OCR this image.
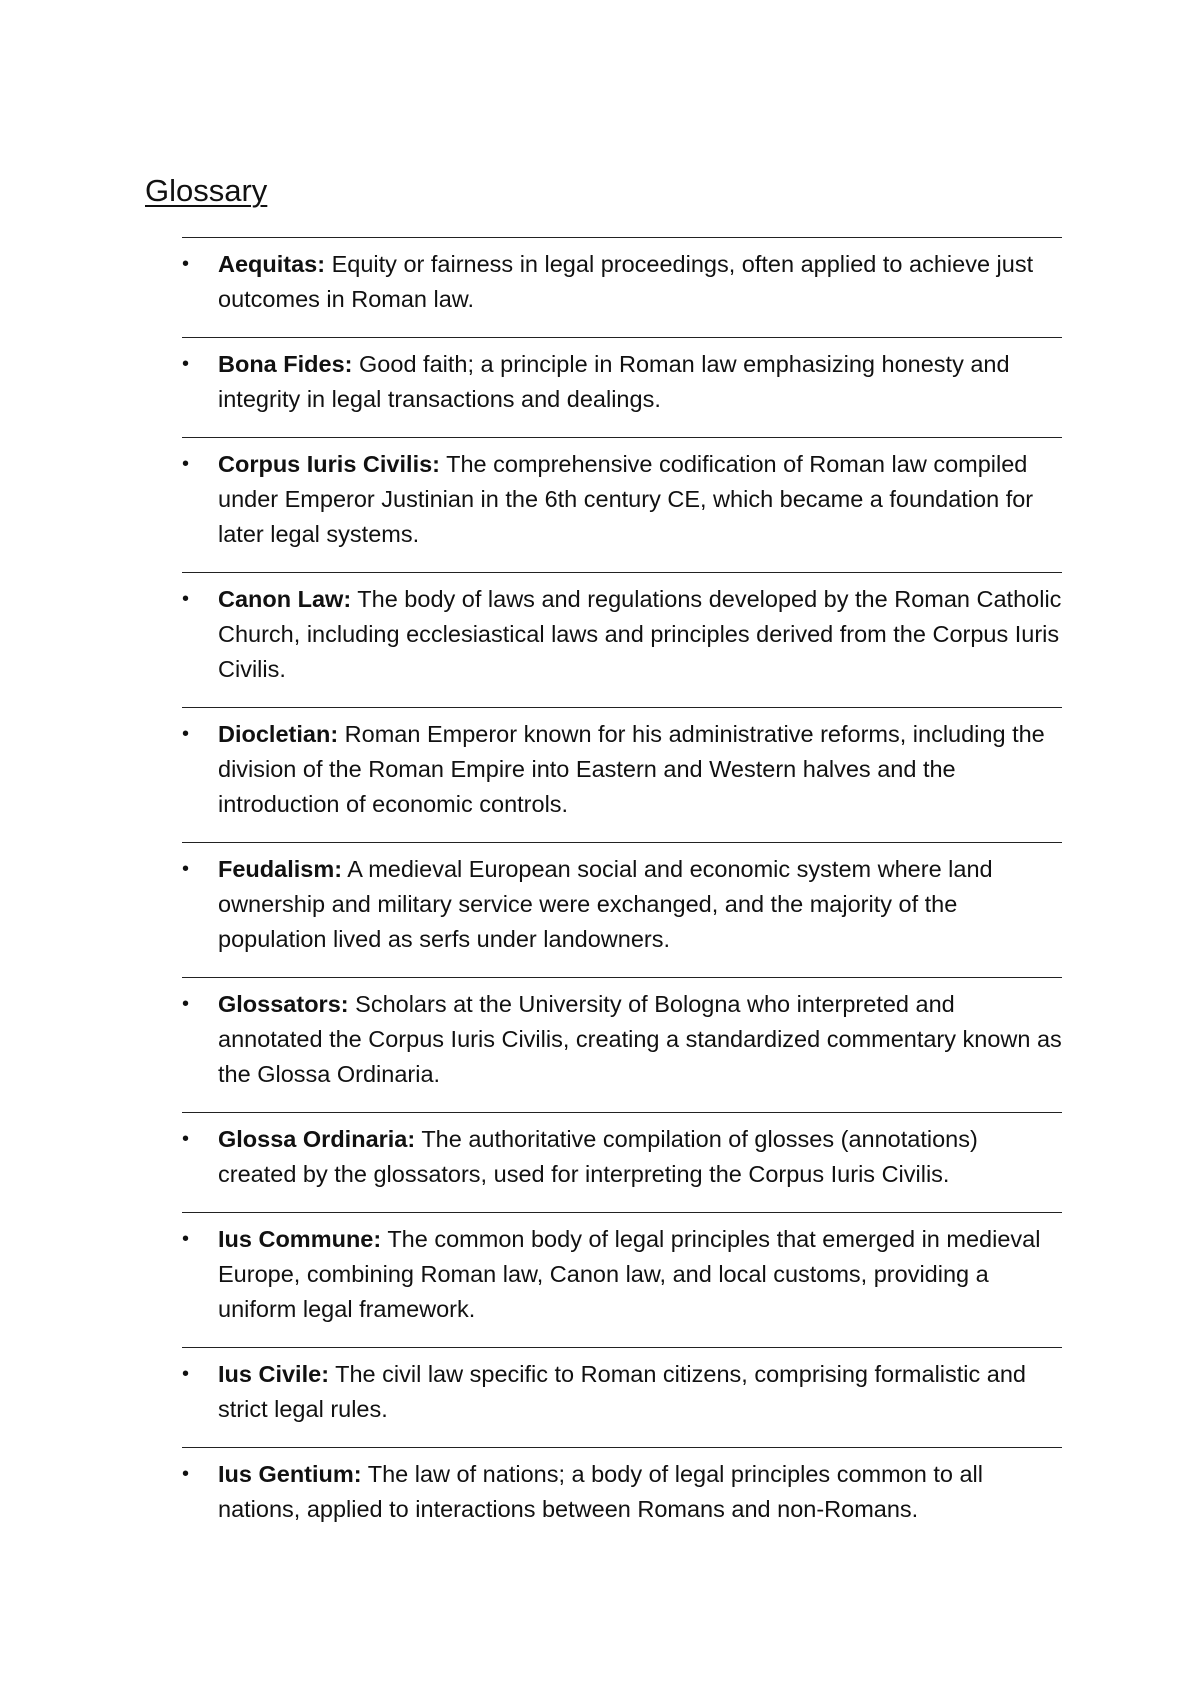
Glossary
•	Aequitas: Equity or fairness in legal proceedings, often applied to achieve just outcomes in Roman law.
•	Bona Fides: Good faith; a principle in Roman law emphasizing honesty and integrity in legal transactions and dealings.
•	Corpus Iuris Civilis: The comprehensive codification of Roman law compiled under Emperor Justinian in the 6th century CE, which became a foundation for later legal systems.
•	Canon Law: The body of laws and regulations developed by the Roman Catholic Church, including ecclesiastical laws and principles derived from the Corpus Iuris Civilis.
•	Diocletian: Roman Emperor known for his administrative reforms, including the division of the Roman Empire into Eastern and Western halves and the introduction of economic controls.
•	Feudalism: A medieval European social and economic system where land ownership and military service were exchanged, and the majority of the population lived as serfs under landowners.
•	Glossators: Scholars at the University of Bologna who interpreted and annotated the Corpus Iuris Civilis, creating a standardized commentary known as the Glossa Ordinaria.
•	Glossa Ordinaria: The authoritative compilation of glosses (annotations) created by the glossators, used for interpreting the Corpus Iuris Civilis.
•	Ius Commune: The common body of legal principles that emerged in medieval Europe, combining Roman law, Canon law, and local customs, providing a uniform legal framework.
•	Ius Civile: The civil law specific to Roman citizens, comprising formalistic and strict legal rules.
•	Ius Gentium: The law of nations; a body of legal principles common to all nations, applied to interactions between Romans and non-Romans.
